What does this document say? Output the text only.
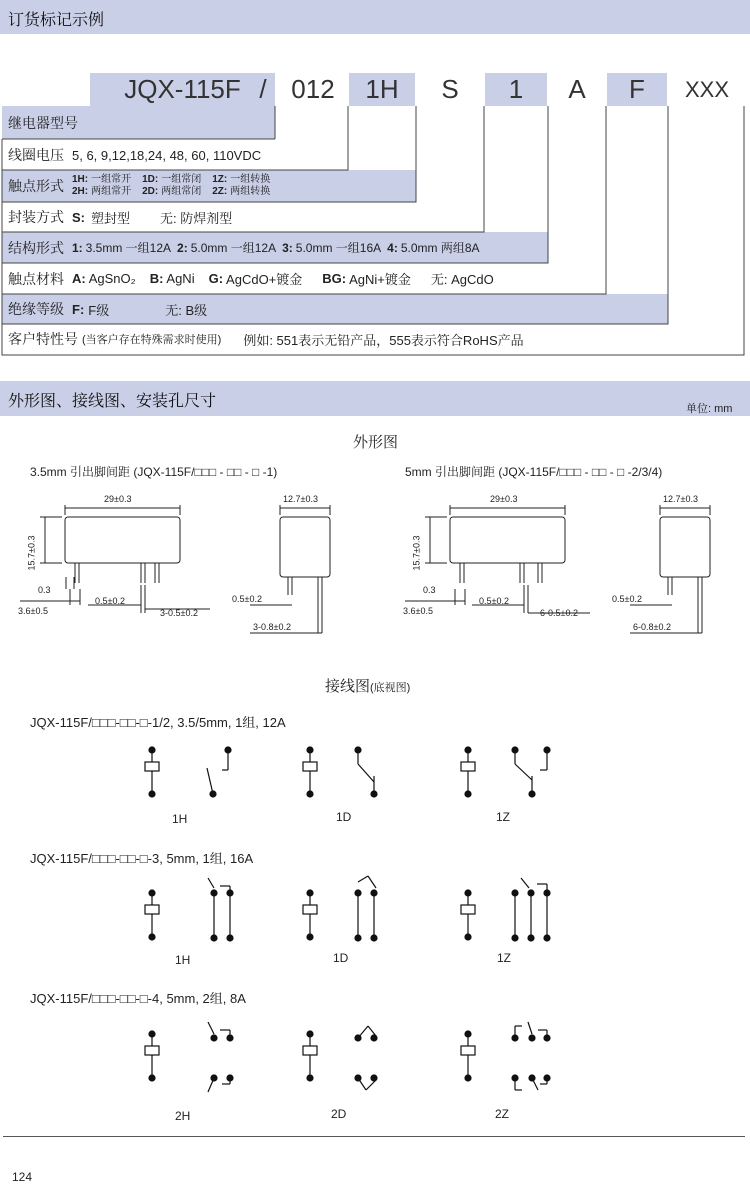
订货标记示例
JQX-115F / 012 1H S 1 A F XXX
继电器型号
线圈电压 5, 6, 9,12,18,24, 48, 60, 110VDC
触点形式 1H: 一组常开 1D: 一组常闭 1Z: 一组转换
2H: 两组常开 2D: 两组常闭 2Z: 两组转换
封装方式 S: 塑封型 无: 防焊剂型
结构形式 1: 3.5mm 一组12A 2: 5.0mm 一组12A 3: 5.0mm 一组16A 4: 5.0mm 两组8A
触点材料 A: AgSnO₂ B: AgNi G: AgCdO+镀金 BG: AgNi+镀金 无: AgCdO
绝缘等级 F: F级	无: B级
客户特性号 (当客户存在特殊需求时使用) 例如: 551表示无铅产品，555表示符合RoHS产品
外形图、接线图、安装孔尺寸	单位: mm
外形图
3.5mm 引出脚间距 (JQX-115F/□□□ - □□ - □ -1)	5mm 引出脚间距 (JQX-115F/□□□ - □□ - □ -2/3/4)
29±0.3	12.7±0.3
15.7±0.3
0.3
3.6±0.5
0.5±0.2
3-0.5±0.2
0.5±0.2
3-0.8±0.2
29±0.3	12.7±0.3
15.7±0.3
0.3
3.6±0.5
0.5±0.2
6-0.5±0.2
0.5±0.2
6-0.8±0.2
接线图(底视图)
JQX-115F/□□□-□□-□-1/2, 3.5/5mm, 1组, 12A
JQX-115F/□□□-□□-□-3, 5mm, 1组, 16A
JQX-115F/□□□-□□-□-4, 5mm, 2组, 8A
1H	1D	1Z
1H	1D	1Z
2H	2D	2Z
124
